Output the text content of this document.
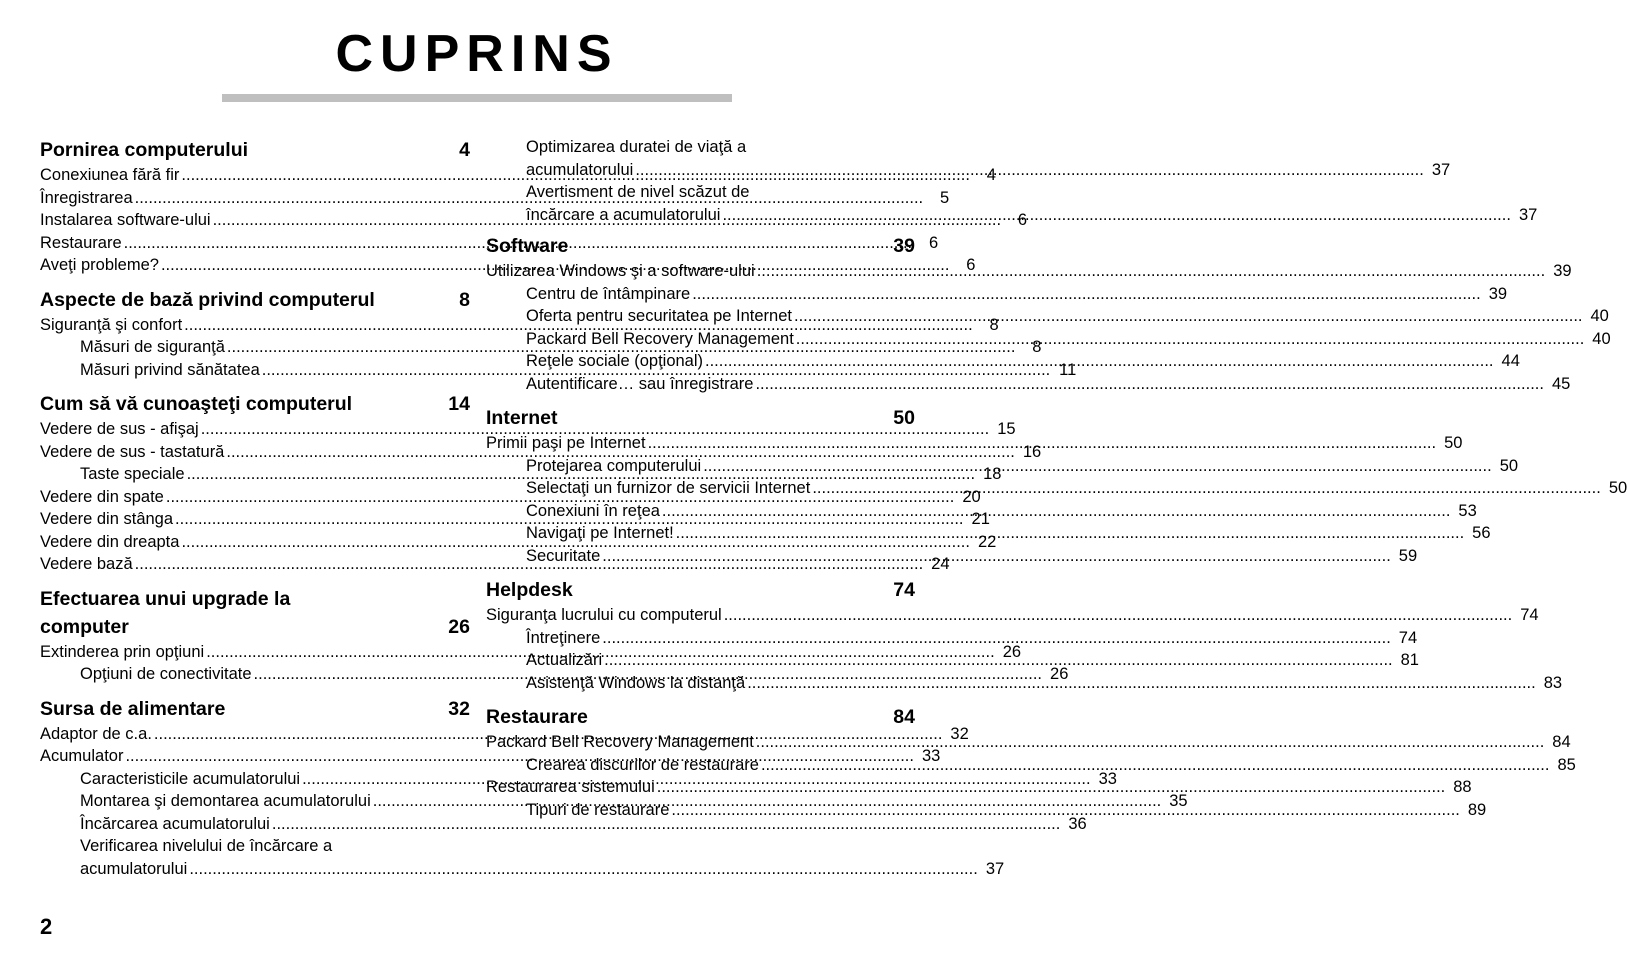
CUPRINS
Pornirea computerului	4
Conexiunea fără fir .....	4
Înregistrarea .....	5
Instalarea software-ului .....	6
Restaurare .....	6
Aveţi probleme? .....	6
Aspecte de bază privind computerul	8
Siguranţă şi confort .....	8
Măsuri de siguranţă .....	8
Măsuri privind sănătatea .....	11
Cum să vă cunoaşteţi computerul	14
Vedere de sus - afişaj .....	15
Vedere de sus - tastatură .....	16
Taste speciale .....	18
Vedere din spate .....	20
Vedere din stânga .....	21
Vedere din dreapta .....	22
Vedere bază .....	24
Efectuarea unui upgrade la
computer	26
Extinderea prin opţiuni .....	26
Opţiuni de conectivitate .....	26
Sursa de alimentare	32
Adaptor de c.a. .....	32
Acumulator .....	33
Caracteristicile acumulatorului .....	33
Montarea şi demontarea acumulatorului .....	35
Încărcarea acumulatorului .....	36
Verificarea nivelului de încărcare a
acumulatorului .....	37
Optimizarea duratei de viaţă a
acumulatorului .....	37
Avertisment de nivel scăzut de
încărcare a acumulatorului .....	37
Software	39
Utilizarea Windows şi a software-ului .....	39
Centru de întâmpinare .....	39
Oferta pentru securitatea pe Internet .....	40
Packard Bell Recovery Management .....	40
Reţele sociale (opţional) .....	44
Autentificare… sau înregistrare .....	45
Internet	50
Primii paşi pe Internet .....	50
Protejarea computerului .....	50
Selectaţi un furnizor de servicii Internet .....	50
Conexiuni în reţea .....	53
Navigaţi pe Internet! .....	56
Securitate .....	59
Helpdesk	74
Siguranţa lucrului cu computerul .....	74
Întreţinere .....	74
Actualizări .....	81
Asistenţă Windows la distanţă .....	83
Restaurare	84
Packard Bell Recovery Management .....	84
Crearea discurilor de restaurare .....	85
Restaurarea sistemului .....	88
Tipuri de restaurare .....	89
2
